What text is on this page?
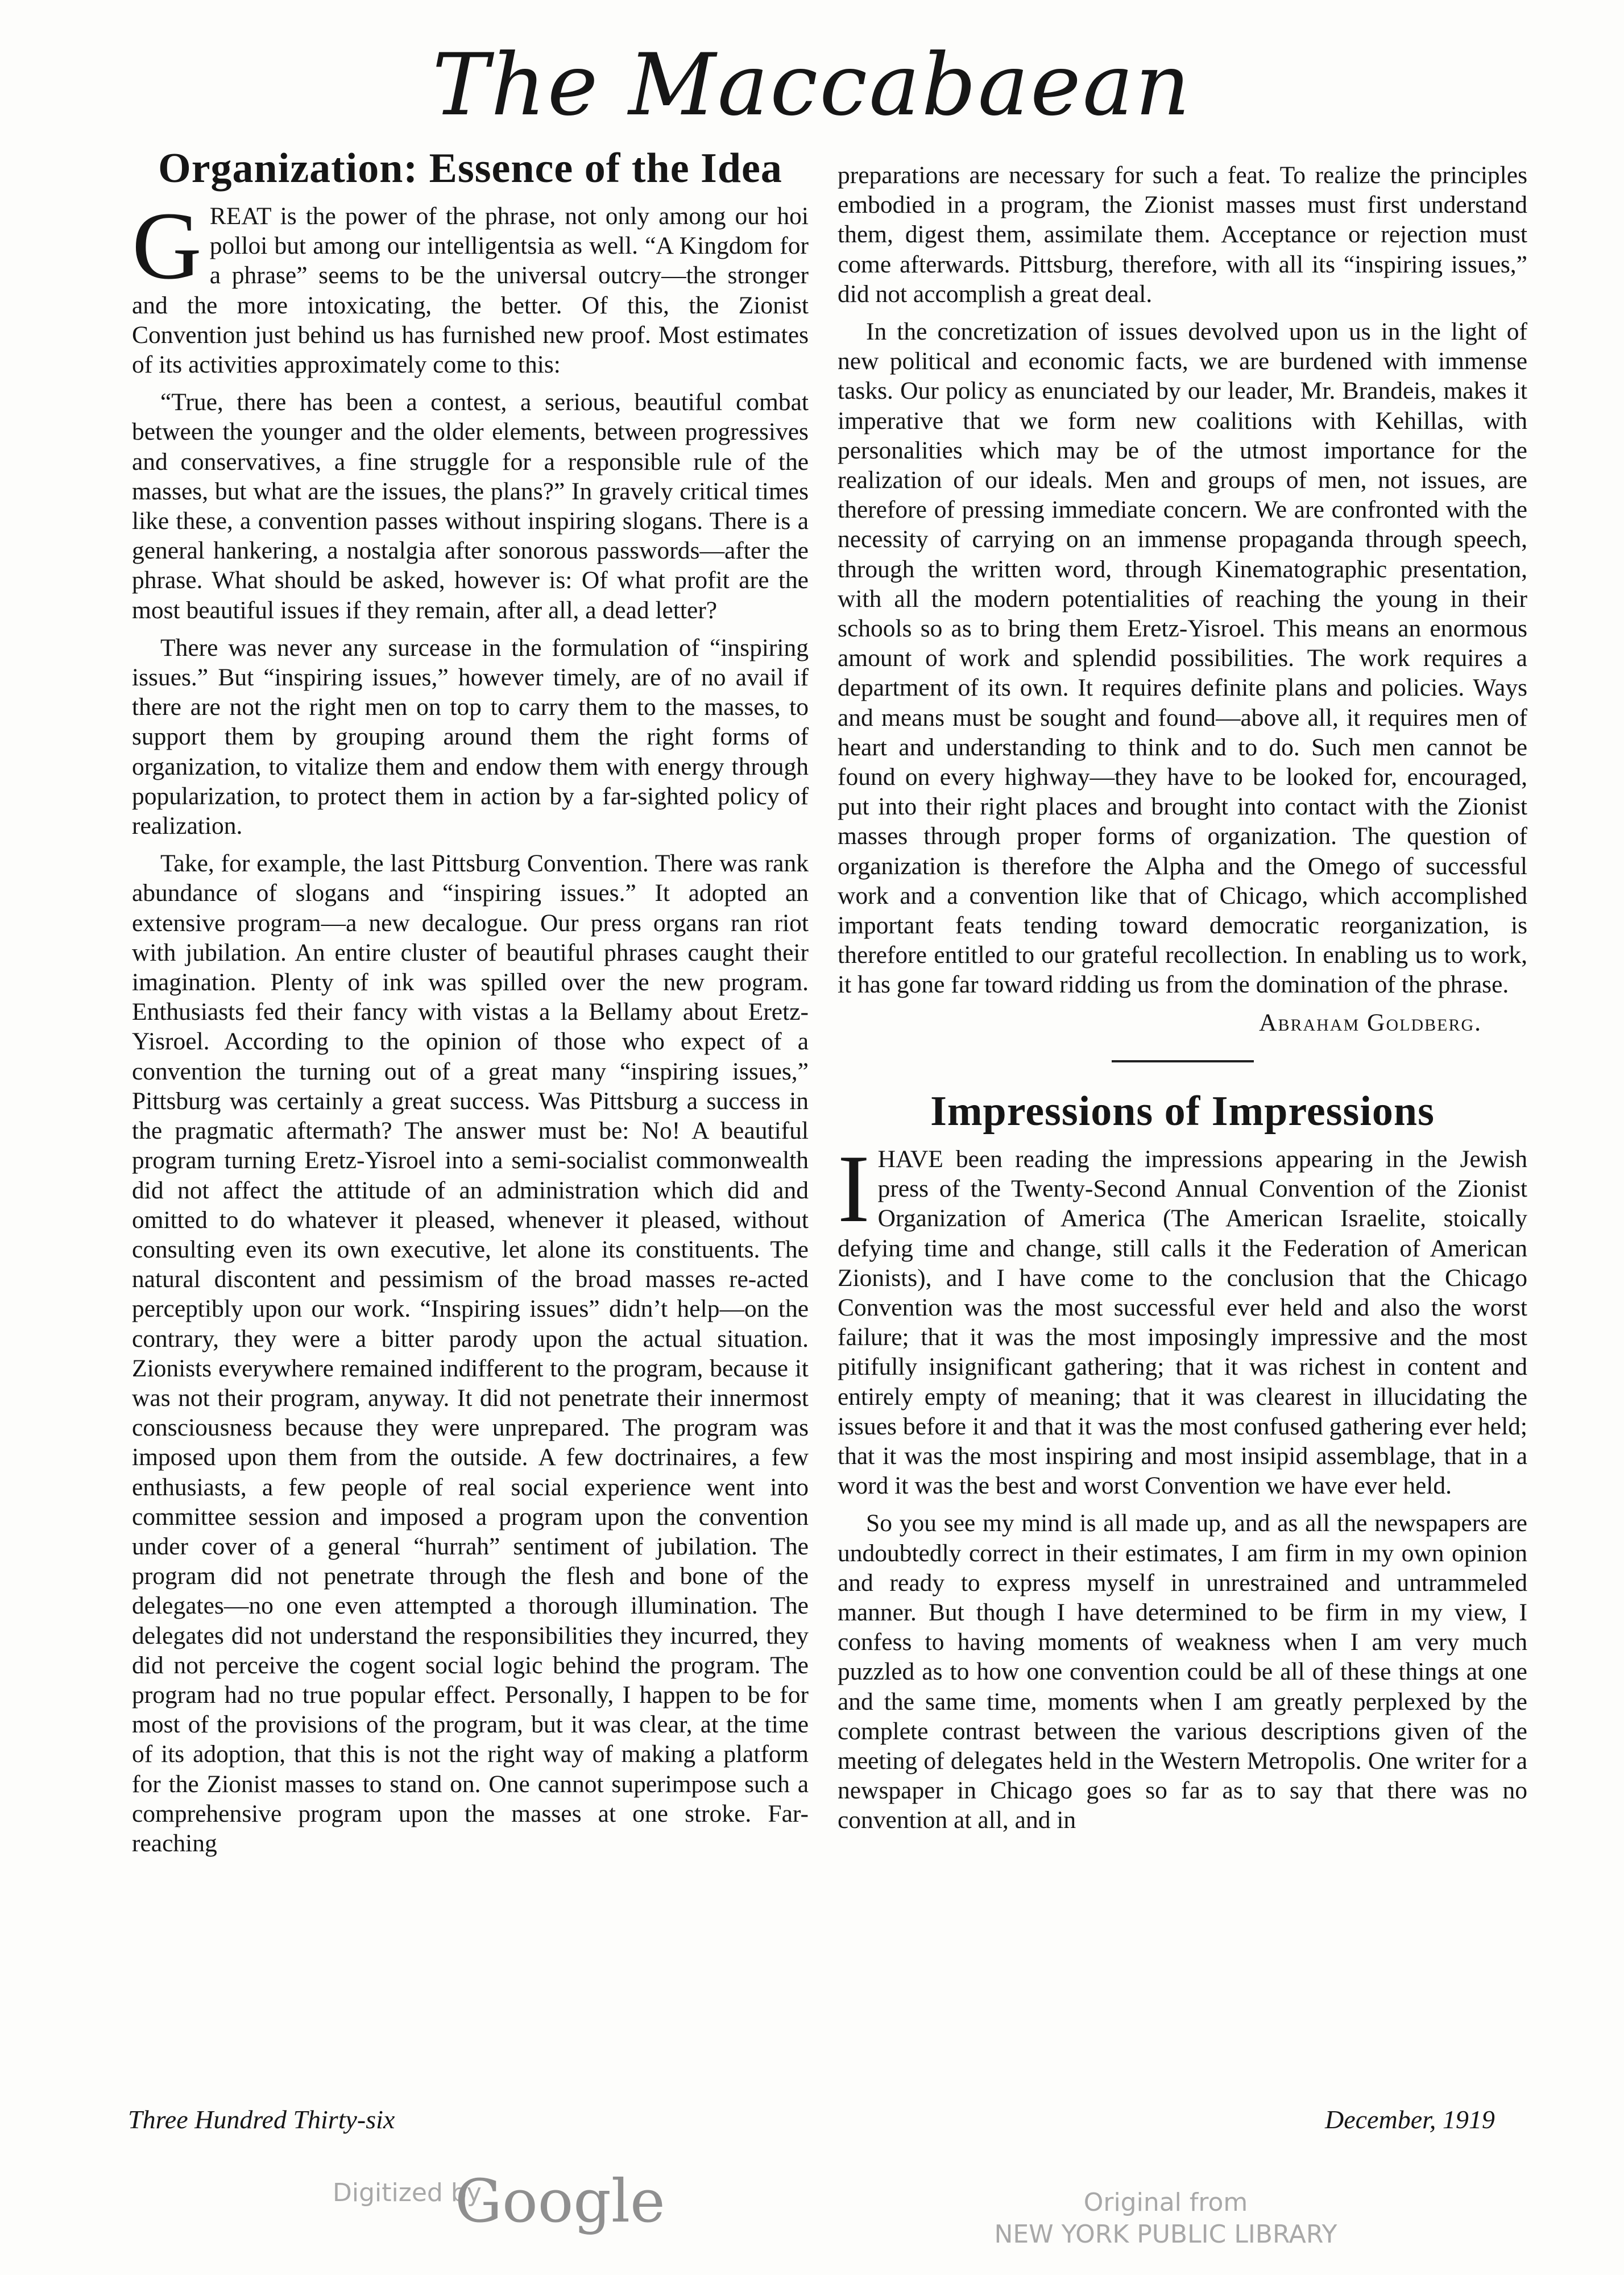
The Maccabaean
Organization: Essence of the Idea

GREAT is the power of the phrase, not only among our hoi polloi but among our intelligentsia as well. “A Kingdom for a phrase” seems to be the universal outcry—the stronger and the more intoxicating, the better. Of this, the Zionist Convention just behind us has furnished new proof. Most estimates of its activities approximately come to this:

“True, there has been a contest, a serious, beautiful combat between the younger and the older elements, between progressives and conservatives, a fine struggle for a responsible rule of the masses, but what are the issues, the plans?” In gravely critical times like these, a convention passes without inspiring slogans. There is a general hankering, a nostalgia after sonorous passwords—after the phrase. What should be asked, however is: Of what profit are the most beautiful issues if they remain, after all, a dead letter?

There was never any surcease in the formulation of “inspiring issues.” But “inspiring issues,” however timely, are of no avail if there are not the right men on top to carry them to the masses, to support them by grouping around them the right forms of organization, to vitalize them and endow them with energy through popularization, to protect them in action by a far-sighted policy of realization.

Take, for example, the last Pittsburg Convention. There was rank abundance of slogans and “inspiring issues.” It adopted an extensive program—a new decalogue. Our press organs ran riot with jubilation. An entire cluster of beautiful phrases caught their imagination. Plenty of ink was spilled over the new program. Enthusiasts fed their fancy with vistas a la Bellamy about Eretz-Yisroel. According to the opinion of those who expect of a convention the turning out of a great many “inspiring issues,” Pittsburg was certainly a great success. Was Pittsburg a success in the pragmatic aftermath? The answer must be: No! A beautiful program turning Eretz-Yisroel into a semi-socialist commonwealth did not affect the attitude of an administration which did and omitted to do whatever it pleased, whenever it pleased, without consulting even its own executive, let alone its constituents. The natural discontent and pessimism of the broad masses re-acted perceptibly upon our work. “Inspiring issues” didn’t help—on the contrary, they were a bitter parody upon the actual situation. Zionists everywhere remained indifferent to the program, because it was not their program, anyway. It did not penetrate their innermost consciousness because they were unprepared. The program was imposed upon them from the outside. A few doctrinaires, a few enthusiasts, a few people of real social experience went into committee session and imposed a program upon the convention under cover of a general “hurrah” sentiment of jubilation. The program did not penetrate through the flesh and bone of the delegates—no one even attempted a thorough illumination. The delegates did not understand the responsibilities they incurred, they did not perceive the cogent social logic behind the program. The program had no true popular effect. Personally, I happen to be for most of the provisions of the program, but it was clear, at the time of its adoption, that this is not the right way of making a platform for the Zionist masses to stand on. One cannot superimpose such a comprehensive program upon the masses at one stroke. Far-reaching

preparations are necessary for such a feat. To realize the principles embodied in a program, the Zionist masses must first understand them, digest them, assimilate them. Acceptance or rejection must come afterwards. Pittsburg, therefore, with all its “inspiring issues,” did not accomplish a great deal.

In the concretization of issues devolved upon us in the light of new political and economic facts, we are burdened with immense tasks. Our policy as enunciated by our leader, Mr. Brandeis, makes it imperative that we form new coalitions with Kehillas, with personalities which may be of the utmost importance for the realization of our ideals. Men and groups of men, not issues, are therefore of pressing immediate concern. We are confronted with the necessity of carrying on an immense propaganda through speech, through the written word, through Kinematographic presentation, with all the modern potentialities of reaching the young in their schools so as to bring them Eretz-Yisroel. This means an enormous amount of work and splendid possibilities. The work requires a department of its own. It requires definite plans and policies. Ways and means must be sought and found—above all, it requires men of heart and understanding to think and to do. Such men cannot be found on every highway—they have to be looked for, encouraged, put into their right places and brought into contact with the Zionist masses through proper forms of organization. The question of organization is therefore the Alpha and the Omego of successful work and a convention like that of Chicago, which accomplished important feats tending toward democratic reorganization, is therefore entitled to our grateful recollection. In enabling us to work, it has gone far toward ridding us from the domination of the phrase.

Abraham Goldberg.
Impressions of Impressions

IHAVE been reading the impressions appearing in the Jewish press of the Twenty-Second Annual Convention of the Zionist Organization of America (The American Israelite, stoically defying time and change, still calls it the Federation of American Zionists), and I have come to the conclusion that the Chicago Convention was the most successful ever held and also the worst failure; that it was the most imposingly impressive and the most pitifully insignificant gathering; that it was richest in content and entirely empty of meaning; that it was clearest in illucidating the issues before it and that it was the most confused gathering ever held; that it was the most inspiring and most insipid assemblage, that in a word it was the best and worst Convention we have ever held.

So you see my mind is all made up, and as all the newspapers are undoubtedly correct in their estimates, I am firm in my own opinion and ready to express myself in unrestrained and untrammeled manner. But though I have determined to be firm in my view, I confess to having moments of weakness when I am very much puzzled as to how one convention could be all of these things at one and the same time, moments when I am greatly perplexed by the complete contrast between the various descriptions given of the meeting of delegates held in the Western Metropolis. One writer for a newspaper in Chicago goes so far as to say that there was no convention at all, and in

Three Hundred Thirty-six	December, 1919
Digitized by
Google	Original from
NEW YORK PUBLIC LIBRARY
